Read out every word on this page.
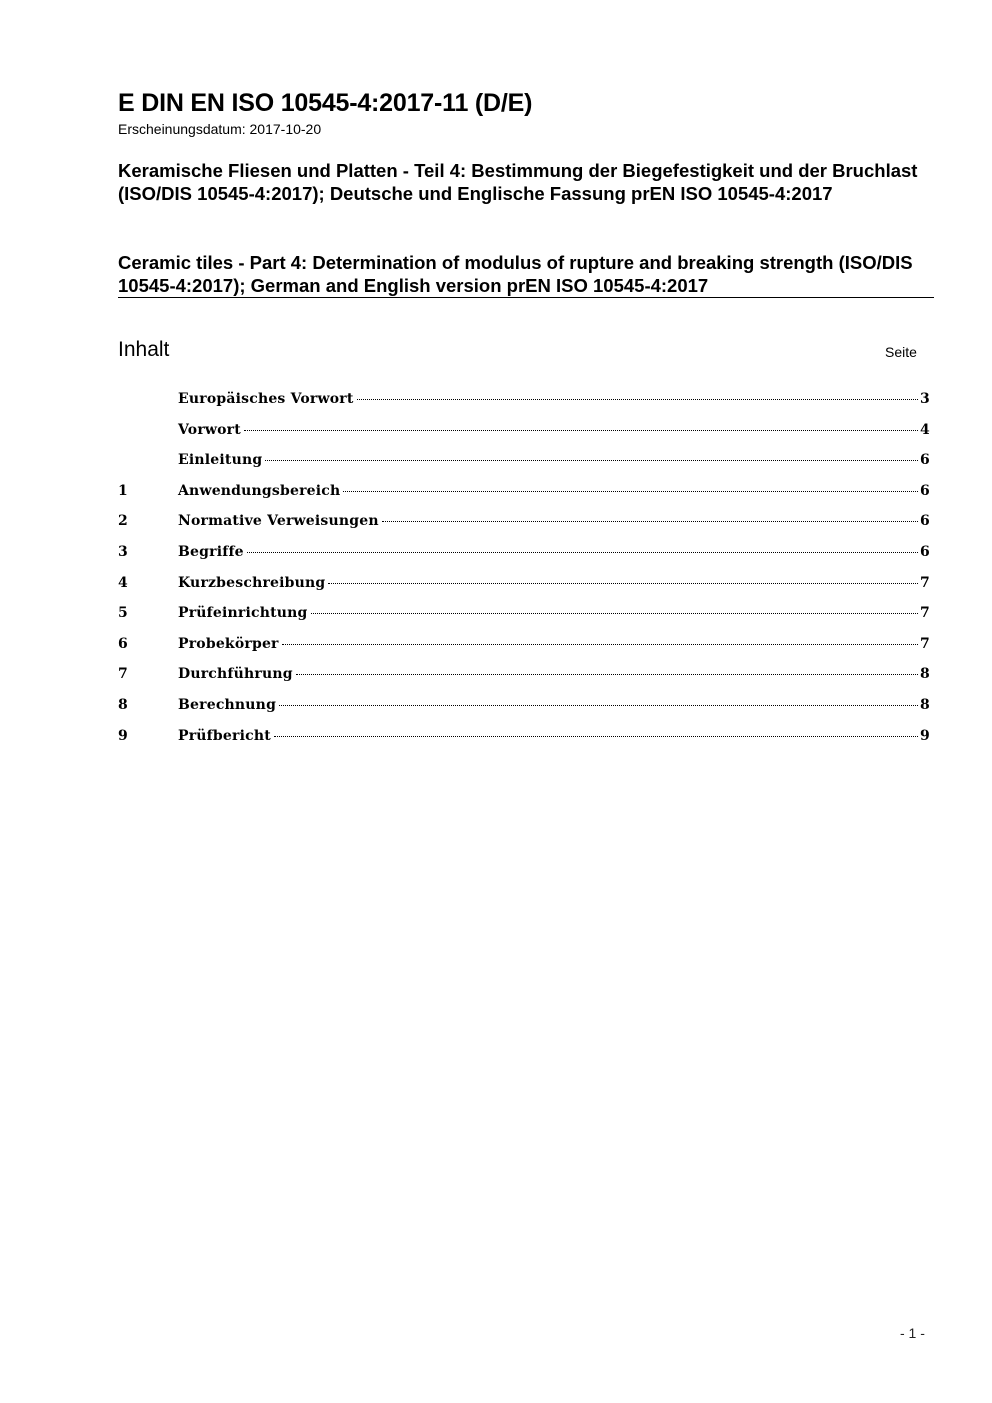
E DIN EN ISO 10545-4:2017-11 (D/E)
Erscheinungsdatum: 2017-10-20

Keramische Fliesen und Platten - Teil 4: Bestimmung der Biegefestigkeit und der Bruchlast (ISO/DIS 10545-4:2017); Deutsche und Englische Fassung prEN ISO 10545-4:2017

Ceramic tiles - Part 4: Determination of modulus of rupture and breaking strength (ISO/DIS 10545-4:2017); German and English version prEN ISO 10545-4:2017

Inhalt	Seite
Europäisches Vorwort	3
Vorwort	4
Einleitung	6
1	Anwendungsbereich	6
2	Normative Verweisungen	6
3	Begriffe	6
4	Kurzbeschreibung	7
5	Prüfeinrichtung	7
6	Probekörper	7
7	Durchführung	8
8	Berechnung	8
9	Prüfbericht	9
- 1 -
